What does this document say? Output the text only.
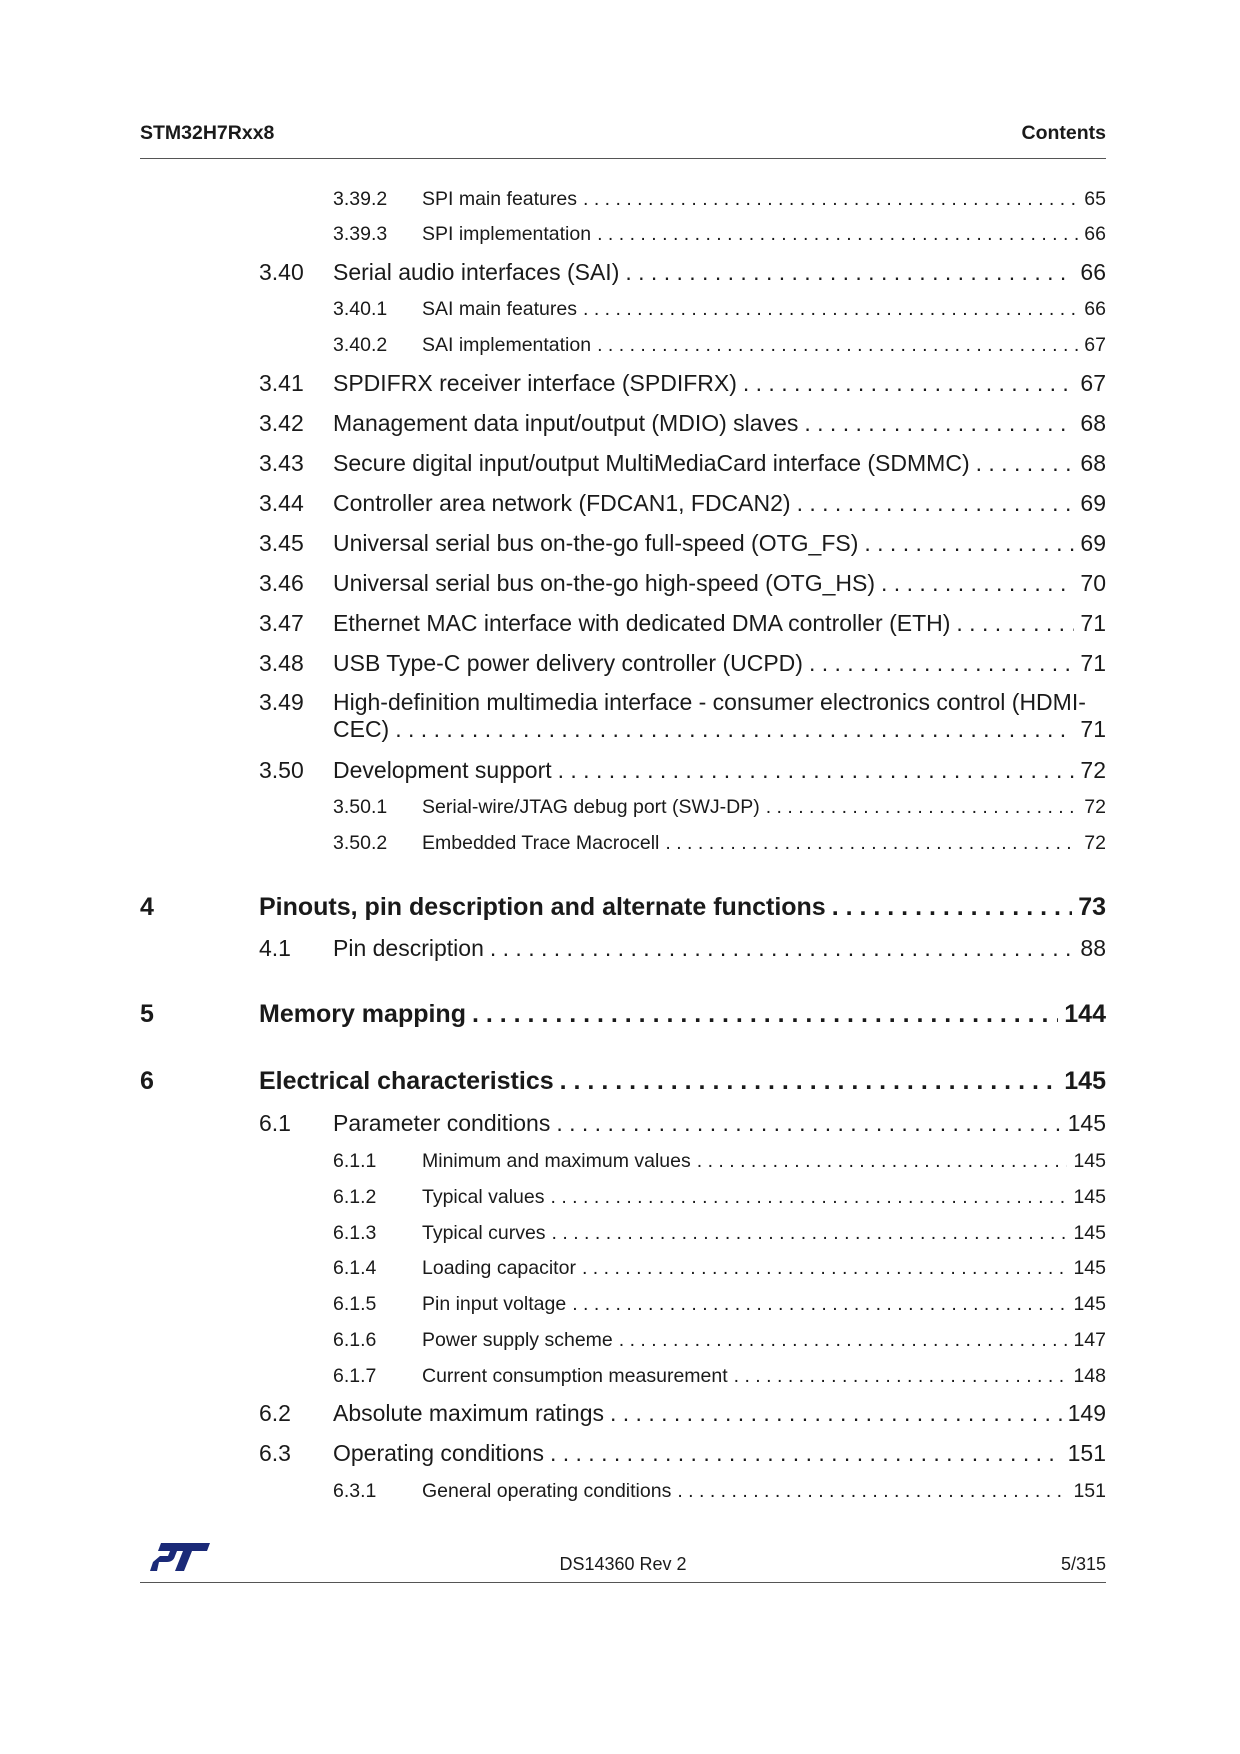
STM32H7Rxx8	Contents
3.39.2 SPI main features . . .	65
3.39.3 SPI implementation . . .	66
3.40 Serial audio interfaces (SAI) . . .	66
3.40.1 SAI main features . . .	66
3.40.2 SAI implementation . . .	67
3.41 SPDIFRX receiver interface (SPDIFRX) . . .	67
3.42 Management data input/output (MDIO) slaves . . .	68
3.43 Secure digital input/output MultiMediaCard interface (SDMMC) . . .	68
3.44 Controller area network (FDCAN1, FDCAN2) . . .	69
3.45 Universal serial bus on-the-go full-speed (OTG_FS) . . .	69
3.46 Universal serial bus on-the-go high-speed (OTG_HS) . . .	70
3.47 Ethernet MAC interface with dedicated DMA controller (ETH) . . .	71
3.48 USB Type-C power delivery controller (UCPD) . . .	71
3.49 High-definition multimedia interface - consumer electronics control (HDMI-
CEC) . . .	71
3.50 Development support . . .	72
3.50.1 Serial-wire/JTAG debug port (SWJ-DP) . . .	72
3.50.2 Embedded Trace Macrocell . . .	72
4	Pinouts, pin description and alternate functions . . .	73
4.1 Pin description . . .	88
5	Memory mapping . . .	144
6	Electrical characteristics . . .	145
6.1 Parameter conditions . . .	145
6.1.1 Minimum and maximum values . . .	145
6.1.2 Typical values . . .	145
6.1.3 Typical curves . . .	145
6.1.4 Loading capacitor . . .	145
6.1.5 Pin input voltage . . .	145
6.1.6 Power supply scheme . . .	147
6.1.7 Current consumption measurement . . .	148
6.2 Absolute maximum ratings . . .	149
6.3 Operating conditions . . .	151
6.3.1 General operating conditions . . .	151
DS14360 Rev 2	5/315
